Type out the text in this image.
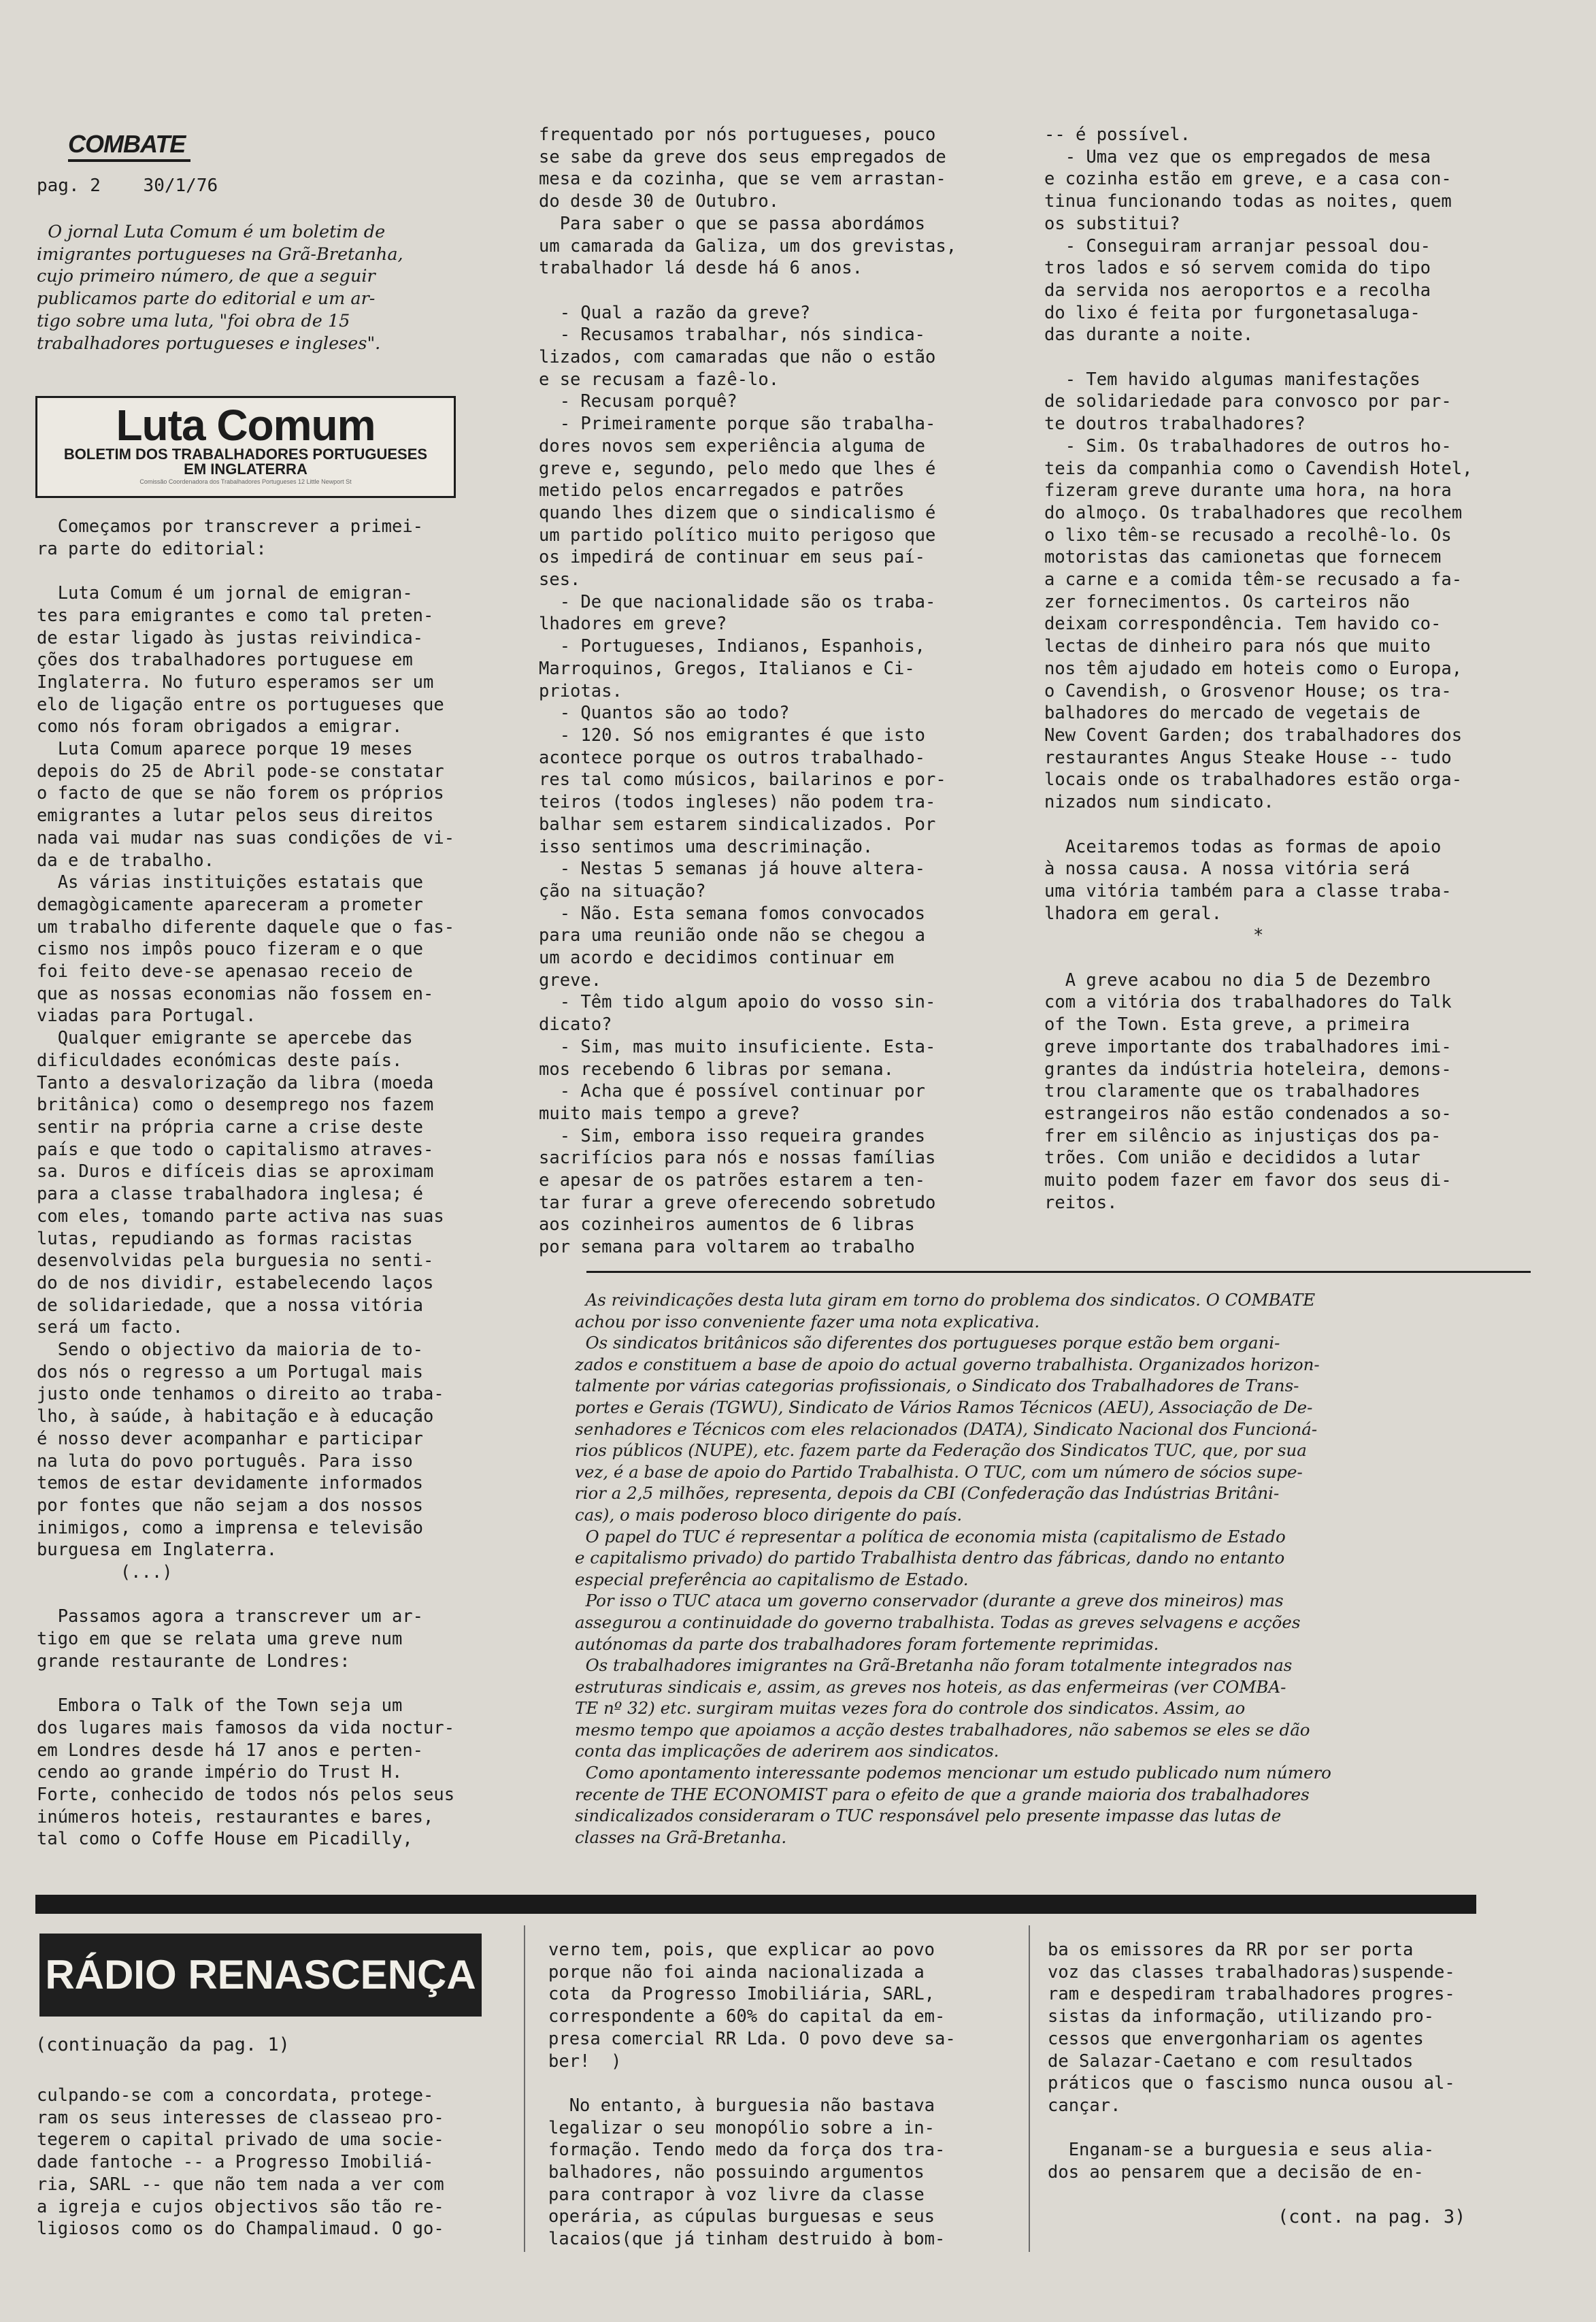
COMBATE
pag. 2 30/1/76

O jornal Luta Comum é um boletim de

imigrantes portugueses na Grã-Bretanha,

cujo primeiro número, de que a seguir

publicamos parte do editorial e um ar-

tigo sobre uma luta, "foi obra de 15

trabalhadores portugueses e ingleses".

Luta Comum
BOLETIM DOS TRABALHADORES PORTUGUESES
EM INGLATERRA
Comissão Coordenadora dos Trabalhadores Portugueses 12 Little Newport St

Começamos por transcrever a primei-

ra parte do editorial:

Luta Comum é um jornal de emigran-

tes para emigrantes e como tal preten-

de estar ligado às justas reivindica-

ções dos trabalhadores portuguese em

Inglaterra. No futuro esperamos ser um

elo de ligação entre os portugueses que

como nós foram obrigados a emigrar.

Luta Comum aparece porque 19 meses

depois do 25 de Abril pode-se constatar

o facto de que se não forem os próprios

emigrantes a lutar pelos seus direitos

nada vai mudar nas suas condições de vi-

da e de trabalho.

As várias instituições estatais que

demagògicamente apareceram a prometer

um trabalho diferente daquele que o fas-

cismo nos impôs pouco fizeram e o que

foi feito deve-se apenasao receio de

que as nossas economias não fossem en-

viadas para Portugal.

Qualquer emigrante se apercebe das

dificuldades económicas deste país.

Tanto a desvalorização da libra (moeda

britânica) como o desemprego nos fazem

sentir na própria carne a crise deste

país e que todo o capitalismo atraves-

sa. Duros e difíceis dias se aproximam

para a classe trabalhadora inglesa; é

com eles, tomando parte activa nas suas

lutas, repudiando as formas racistas

desenvolvidas pela burguesia no senti-

do de nos dividir, estabelecendo laços

de solidariedade, que a nossa vitória

será um facto.

Sendo o objectivo da maioria de to-

dos nós o regresso a um Portugal mais

justo onde tenhamos o direito ao traba-

lho, à saúde, à habitação e à educação

é nosso dever acompanhar e participar

na luta do povo português. Para isso

temos de estar devidamente informados

por fontes que não sejam a dos nossos

inimigos, como a imprensa e televisão

burguesa em Inglaterra.

(...)

Passamos agora a transcrever um ar-

tigo em que se relata uma greve num

grande restaurante de Londres:

Embora o Talk of the Town seja um

dos lugares mais famosos da vida noctur-

em Londres desde há 17 anos e perten-

cendo ao grande império do Trust H.

Forte, conhecido de todos nós pelos seus

inúmeros hoteis, restaurantes e bares,

tal como o Coffe House em Picadilly,

frequentado por nós portugueses, pouco

se sabe da greve dos seus empregados de

mesa e da cozinha, que se vem arrastan-

do desde 30 de Outubro.

Para saber o que se passa abordámos

um camarada da Galiza, um dos grevistas,

trabalhador lá desde há 6 anos.

- Qual a razão da greve?

- Recusamos trabalhar, nós sindica-

lizados, com camaradas que não o estão

e se recusam a fazê-lo.

- Recusam porquê?

- Primeiramente porque são trabalha-

dores novos sem experiência alguma de

greve e, segundo, pelo medo que lhes é

metido pelos encarregados e patrões

quando lhes dizem que o sindicalismo é

um partido político muito perigoso que

os impedirá de continuar em seus paí-

ses.

- De que nacionalidade são os traba-

lhadores em greve?

- Portugueses, Indianos, Espanhois,

Marroquinos, Gregos, Italianos e Ci-

priotas.

- Quantos são ao todo?

- 120. Só nos emigrantes é que isto

acontece porque os outros trabalhado-

res tal como músicos, bailarinos e por-

teiros (todos ingleses) não podem tra-

balhar sem estarem sindicalizados. Por

isso sentimos uma descriminação.

- Nestas 5 semanas já houve altera-

ção na situação?

- Não. Esta semana fomos convocados

para uma reunião onde não se chegou a

um acordo e decidimos continuar em

greve.

- Têm tido algum apoio do vosso sin-

dicato?

- Sim, mas muito insuficiente. Esta-

mos recebendo 6 libras por semana.

- Acha que é possível continuar por

muito mais tempo a greve?

- Sim, embora isso requeira grandes

sacrifícios para nós e nossas famílias

e apesar de os patrões estarem a ten-

tar furar a greve oferecendo sobretudo

aos cozinheiros aumentos de 6 libras

por semana para voltarem ao trabalho

-- é possível.

- Uma vez que os empregados de mesa

e cozinha estão em greve, e a casa con-

tinua funcionando todas as noites, quem

os substitui?

- Conseguiram arranjar pessoal dou-

tros lados e só servem comida do tipo

da servida nos aeroportos e a recolha

do lixo é feita por furgonetasaluga-

das durante a noite.

- Tem havido algumas manifestações

de solidariedade para convosco por par-

te doutros trabalhadores?

- Sim. Os trabalhadores de outros ho-

teis da companhia como o Cavendish Hotel,

fizeram greve durante uma hora, na hora

do almoço. Os trabalhadores que recolhem

o lixo têm-se recusado a recolhê-lo. Os

motoristas das camionetas que fornecem

a carne e a comida têm-se recusado a fa-

zer fornecimentos. Os carteiros não

deixam correspondência. Tem havido co-

lectas de dinheiro para nós que muito

nos têm ajudado em hoteis como o Europa,

o Cavendish, o Grosvenor House; os tra-

balhadores do mercado de vegetais de

New Covent Garden; dos trabalhadores dos

restaurantes Angus Steake House -- tudo

locais onde os trabalhadores estão orga-

nizados num sindicato.

Aceitaremos todas as formas de apoio

à nossa causa. A nossa vitória será

uma vitória também para a classe traba-

lhadora em geral.

*

A greve acabou no dia 5 de Dezembro

com a vitória dos trabalhadores do Talk

of the Town. Esta greve, a primeira

greve importante dos trabalhadores imi-

grantes da indústria hoteleira, demons-

trou claramente que os trabalhadores

estrangeiros não estão condenados a so-

frer em silêncio as injustiças dos pa-

trões. Com união e decididos a lutar

muito podem fazer em favor dos seus di-

reitos.

As reivindicações desta luta giram em torno do problema dos sindicatos. O COMBATE

achou por isso conveniente fazer uma nota explicativa.

Os sindicatos britânicos são diferentes dos portugueses porque estão bem organi-

zados e constituem a base de apoio do actual governo trabalhista. Organizados horizon-

talmente por várias categorias profissionais, o Sindicato dos Trabalhadores de Trans-

portes e Gerais (TGWU), Sindicato de Vários Ramos Técnicos (AEU), Associação de De-

senhadores e Técnicos com eles relacionados (DATA), Sindicato Nacional dos Funcioná-

rios públicos (NUPE), etc. fazem parte da Federação dos Sindicatos TUC, que, por sua

vez, é a base de apoio do Partido Trabalhista. O TUC, com um número de sócios supe-

rior a 2,5 milhões, representa, depois da CBI (Confederação das Indústrias Britâni-

cas), o mais poderoso bloco dirigente do país.

O papel do TUC é representar a política de economia mista (capitalismo de Estado

e capitalismo privado) do partido Trabalhista dentro das fábricas, dando no entanto

especial preferência ao capitalismo de Estado.

Por isso o TUC ataca um governo conservador (durante a greve dos mineiros) mas

assegurou a continuidade do governo trabalhista. Todas as greves selvagens e acções

autónomas da parte dos trabalhadores foram fortemente reprimidas.

Os trabalhadores imigrantes na Grã-Bretanha não foram totalmente integrados nas

estruturas sindicais e, assim, as greves nos hoteis, as das enfermeiras (ver COMBA-

TE nº 32) etc. surgiram muitas vezes fora do controle dos sindicatos. Assim, ao

mesmo tempo que apoiamos a acção destes trabalhadores, não sabemos se eles se dão

conta das implicações de aderirem aos sindicatos.

Como apontamento interessante podemos mencionar um estudo publicado num número

recente de THE ECONOMIST para o efeito de que a grande maioria dos trabalhadores

sindicalizados consideraram o TUC responsável pelo presente impasse das lutas de

classes na Grã-Bretanha.

RÁDIO RENASCENÇA
(continuação da pag. 1)

culpando-se com a concordata, protege-

ram os seus interesses de classeao pro-

tegerem o capital privado de uma socie-

dade fantoche -- a Progresso Imobiliá-

ria, SARL -- que não tem nada a ver com

a igreja e cujos objectivos são tão re-

ligiosos como os do Champalimaud. O go-

verno tem, pois, que explicar ao povo

porque não foi ainda nacionalizada a

cota  da Progresso Imobiliária, SARL,

correspondente a 60% do capital da em-

presa comercial RR Lda. O povo deve sa-

ber!  )

No entanto, à burguesia não bastava

legalizar o seu monopólio sobre a in-

formação. Tendo medo da força dos tra-

balhadores, não possuindo argumentos

para contrapor à voz livre da classe

operária, as cúpulas burguesas e seus

lacaios(que já tinham destruido à bom-

ba os emissores da RR por ser porta

voz das classes trabalhadoras)suspende-

ram e despediram trabalhadores progres-

sistas da informação, utilizando pro-

cessos que envergonhariam os agentes

de Salazar-Caetano e com resultados

práticos que o fascismo nunca ousou al-

cançar.

Enganam-se a burguesia e seus alia-

dos ao pensarem que a decisão de en-

(cont. na pag. 3)
